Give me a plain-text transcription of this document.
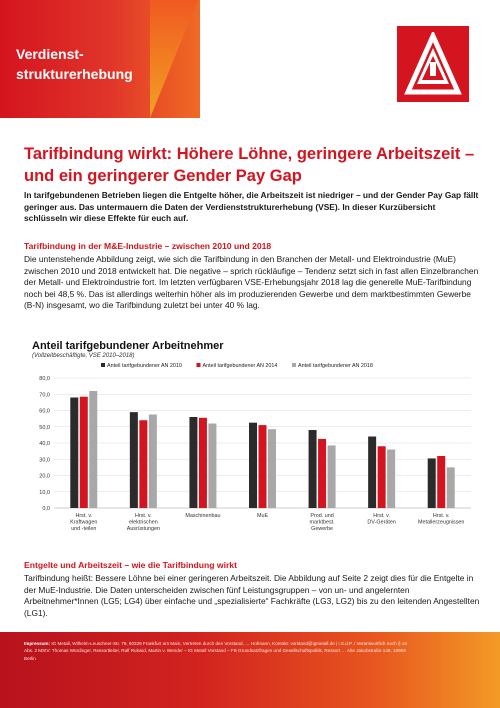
Verdienst-strukturerhebung
Tarifbindung wirkt: Höhere Löhne, geringere Arbeitszeit – und ein geringerer Gender Pay Gap
In tarifgebundenen Betrieben liegen die Entgelte höher, die Arbeitszeit ist niedriger – und der Gender Pay Gap fällt geringer aus. Das untermauern die Daten der Verdienststrukturerhebung (VSE). In dieser Kurzübersicht schlüsseln wir diese Effekte für euch auf.
Tarifbindung in der M&E-Industrie – zwischen 2010 und 2018
Die untenstehende Abbildung zeigt, wie sich die Tarifbindung in den Branchen der Metall- und Elektroindustrie (MuE) zwischen 2010 und 2018 entwickelt hat. Die negative – sprich rückläufige – Tendenz setzt sich in fast allen Einzelbranchen der Metall- und Elektroindustrie fort. Im letzten verfügbaren VSE-Erhebungsjahr 2018 lag die generelle MuE-Tarifbindung noch bei 48,5 %. Das ist allerdings weiterhin höher als im produzierenden Gewerbe und dem marktbestimmten Gewerbe (B-N) insgesamt, wo die Tarifbindung zuletzt bei unter 40 % lag.
Anteil tarifgebundener Arbeitnehmer
(Vollzeitbeschäftigte, VSE 2010–2018)
0,0
10,0
20,0
30,0
40,0
50,0
60,0
70,0
80,0
Anteil tarifgebundener AN 2010	Anteil tarifgebundener AN 2014	Anteil tarifgebundener AN 2018
Hrst. v. Kraftwagen und -teilen
Hrst. v. elektrischen Ausrüstungen
Maschinenbau	MuE	Prod. und marktbest. Gewerbe
Hrst. v. DV-Geräten
Hrst. v. Metallerzeugnissen
Entgelte und Arbeitszeit – wie die Tarifbindung wirkt
Tarifbindung heißt: Bessere Löhne bei einer geringeren Arbeitszeit. Die Abbildung auf Seite 2 zeigt dies für die Entgelte in der MuE-Industrie. Die Daten unterscheiden zwischen fünf Leistungsgruppen – von un- und angelernten Arbeitnehmer*Innen (LG5; LG4) über einfache und „spezialisierte“ Fachkräfte (LG3, LG2) bis zu den leitenden Angestellten (LG1).
Impressum: IG Metall, Wilhelm-Leuschner-Str. 79, 60329 Frankfurt am Main, Vertreten durch den Vorstand, … Hofmann, Kontakt: vorstand@igmetall.de | i.S.d.P. / Verantwortlich nach § 18 Abs. 2 MStV: Thomas Würdinger, Ressortleiter, Ralf Rukwid, Martin v. Wender – IG Metall Vorstand – FB Grundsatzfragen und Gesellschaftspolitik, Ressort … Alte Jakobstraße 149, 10969 Berlin
